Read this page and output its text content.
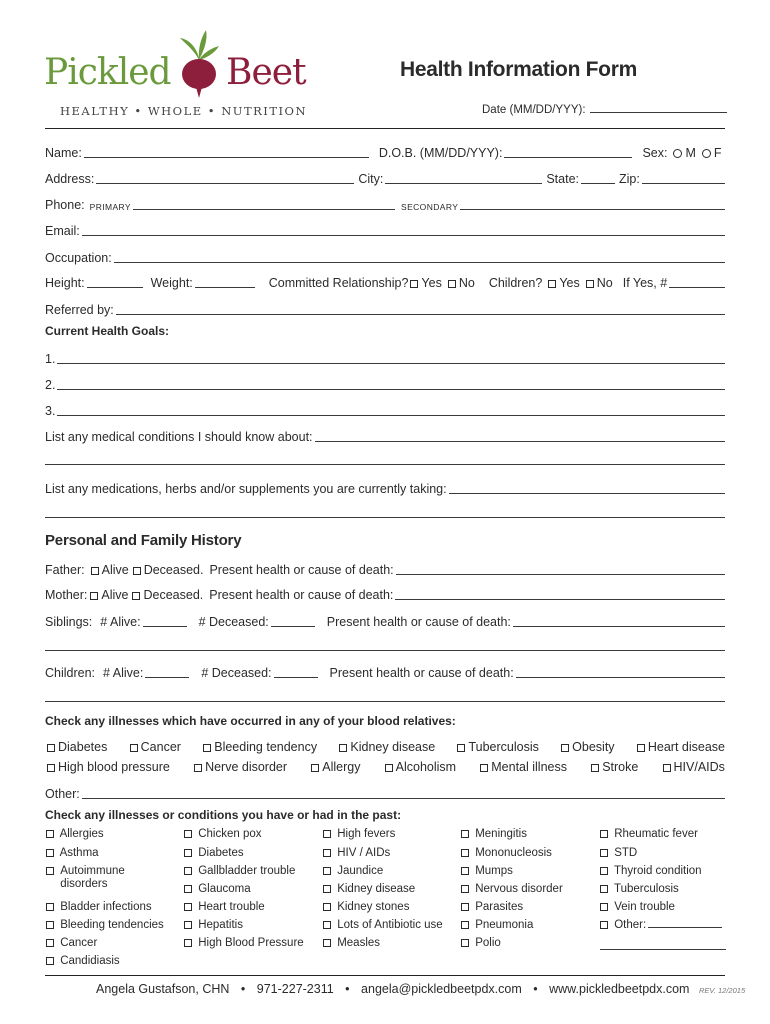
Pickled Beet
HEALTHY • WHOLE • NUTRITION
Health Information Form
Date (MM/DD/YYY):
Name:	D.O.B. (MM/DD/YYY):	Sex:	M	F
Address:	City:	State:	Zip:
Phone: PRIMARY	SECONDARY
Email:
Occupation:
Height:	Weight:	Committed Relationship?	Yes	No Children?	Yes	No If Yes, #
Referred by:
Current Health Goals:
1.
2.
3.
List any medical conditions I should know about:
List any medications, herbs and/or supplements you are currently taking:
Personal and Family History
Father:	Alive	Deceased. Present health or cause of death:
Mother:	Alive	Deceased. Present health or cause of death:
Siblings: # Alive:	# Deceased:	Present health or cause of death:
Children: # Alive:	# Deceased:	Present health or cause of death:
Check any illnesses which have occurred in any of your blood relatives:
Diabetes	Cancer	Bleeding tendency	Kidney disease	Tuberculosis	Obesity	Heart disease
High blood pressure	Nerve disorder	Allergy	Alcoholism	Mental illness	Stroke	HIV/AIDs
Other:
Check any illnesses or conditions you have or had in the past:
Allergies
Asthma
Autoimmune disorders
Bladder infections
Bleeding tendencies
Cancer
Candidiasis
Chicken pox
Diabetes
Gallbladder trouble
Glaucoma
Heart trouble
Hepatitis
High Blood Pressure
High fevers
HIV / AIDs
Jaundice
Kidney disease
Kidney stones
Lots of Antibiotic use
Measles
Meningitis
Mononucleosis
Mumps
Nervous disorder
Parasites
Pneumonia
Polio
Rheumatic fever
STD
Thyroid condition
Tuberculosis
Vein trouble
Other:
Angela Gustafson, CHN • 971-227-2311 • angela@pickledbeetpdx.com • www.pickledbeetpdx.com REV. 12/2015
